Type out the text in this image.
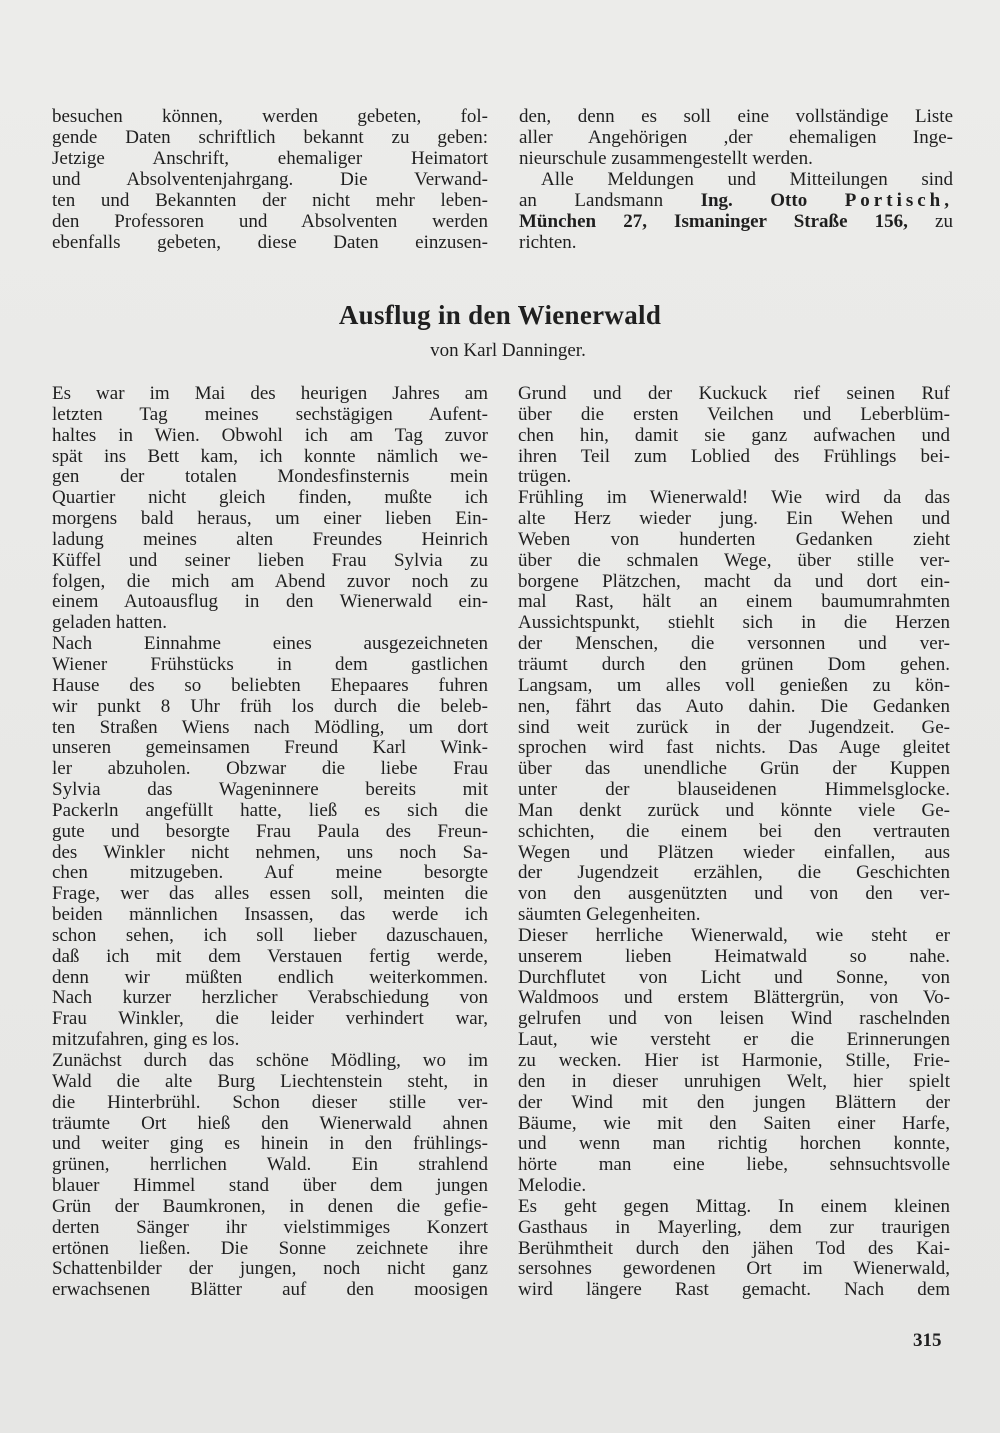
besuchen können, werden gebeten, fol-
gende Daten schriftlich bekannt zu geben:
Jetzige Anschrift, ehemaliger Heimatort
und Absolventenjahrgang. Die Verwand-
ten und Bekannten der nicht mehr leben-
den Professoren und Absolventen werden
ebenfalls gebeten, diese Daten einzusen-
den, denn es soll eine vollständige Liste
aller Angehörigen ,der ehemaligen Inge-
nieurschule zusammengestellt werden.
Alle Meldungen und Mitteilungen sind
an Landsmann Ing. Otto Portisch,
München 27, Ismaninger Straße 156, zu
richten.
Ausflug in den Wienerwald
von Karl Danninger.
Es war im Mai des heurigen Jahres am
letzten Tag meines sechstägigen Aufent-
haltes in Wien. Obwohl ich am Tag zuvor
spät ins Bett kam, ich konnte nämlich we-
gen der totalen Mondesfinsternis mein
Quartier nicht gleich finden, mußte ich
morgens bald heraus, um einer lieben Ein-
ladung meines alten Freundes Heinrich
Küffel und seiner lieben Frau Sylvia zu
folgen, die mich am Abend zuvor noch zu
einem Autoausflug in den Wienerwald ein-
geladen hatten.
Nach Einnahme eines ausgezeichneten
Wiener Frühstücks in dem gastlichen
Hause des so beliebten Ehepaares fuhren
wir punkt 8 Uhr früh los durch die beleb-
ten Straßen Wiens nach Mödling, um dort
unseren gemeinsamen Freund Karl Wink-
ler abzuholen. Obzwar die liebe Frau
Sylvia das Wageninnere bereits mit
Packerln angefüllt hatte, ließ es sich die
gute und besorgte Frau Paula des Freun-
des Winkler nicht nehmen, uns noch Sa-
chen mitzugeben. Auf meine besorgte
Frage, wer das alles essen soll, meinten die
beiden männlichen Insassen, das werde ich
schon sehen, ich soll lieber dazuschauen,
daß ich mit dem Verstauen fertig werde,
denn wir müßten endlich weiterkommen.
Nach kurzer herzlicher Verabschiedung von
Frau Winkler, die leider verhindert war,
mitzufahren, ging es los.
Zunächst durch das schöne Mödling, wo im
Wald die alte Burg Liechtenstein steht, in
die Hinterbrühl. Schon dieser stille ver-
träumte Ort hieß den Wienerwald ahnen
und weiter ging es hinein in den frühlings-
grünen, herrlichen Wald. Ein strahlend
blauer Himmel stand über dem jungen
Grün der Baumkronen, in denen die gefie-
derten Sänger ihr vielstimmiges Konzert
ertönen ließen. Die Sonne zeichnete ihre
Schattenbilder der jungen, noch nicht ganz
erwachsenen Blätter auf den moosigen
Grund und der Kuckuck rief seinen Ruf
über die ersten Veilchen und Leberblüm-
chen hin, damit sie ganz aufwachen und
ihren Teil zum Loblied des Frühlings bei-
trügen.
Frühling im Wienerwald! Wie wird da das
alte Herz wieder jung. Ein Wehen und
Weben von hunderten Gedanken zieht
über die schmalen Wege, über stille ver-
borgene Plätzchen, macht da und dort ein-
mal Rast, hält an einem baumumrahmten
Aussichtspunkt, stiehlt sich in die Herzen
der Menschen, die versonnen und ver-
träumt durch den grünen Dom gehen.
Langsam, um alles voll genießen zu kön-
nen, fährt das Auto dahin. Die Gedanken
sind weit zurück in der Jugendzeit. Ge-
sprochen wird fast nichts. Das Auge gleitet
über das unendliche Grün der Kuppen
unter der blauseidenen Himmelsglocke.
Man denkt zurück und könnte viele Ge-
schichten, die einem bei den vertrauten
Wegen und Plätzen wieder einfallen, aus
der Jugendzeit erzählen, die Geschichten
von den ausgenützten und von den ver-
säumten Gelegenheiten.
Dieser herrliche Wienerwald, wie steht er
unserem lieben Heimatwald so nahe.
Durchflutet von Licht und Sonne, von
Waldmoos und erstem Blättergrün, von Vo-
gelrufen und von leisen Wind raschelnden
Laut, wie versteht er die Erinnerungen
zu wecken. Hier ist Harmonie, Stille, Frie-
den in dieser unruhigen Welt, hier spielt
der Wind mit den jungen Blättern der
Bäume, wie mit den Saiten einer Harfe,
und wenn man richtig horchen konnte,
hörte man eine liebe, sehnsuchtsvolle
Melodie.
Es geht gegen Mittag. In einem kleinen
Gasthaus in Mayerling, dem zur traurigen
Berühmtheit durch den jähen Tod des Kai-
sersohnes gewordenen Ort im Wienerwald,
wird längere Rast gemacht. Nach dem
315
